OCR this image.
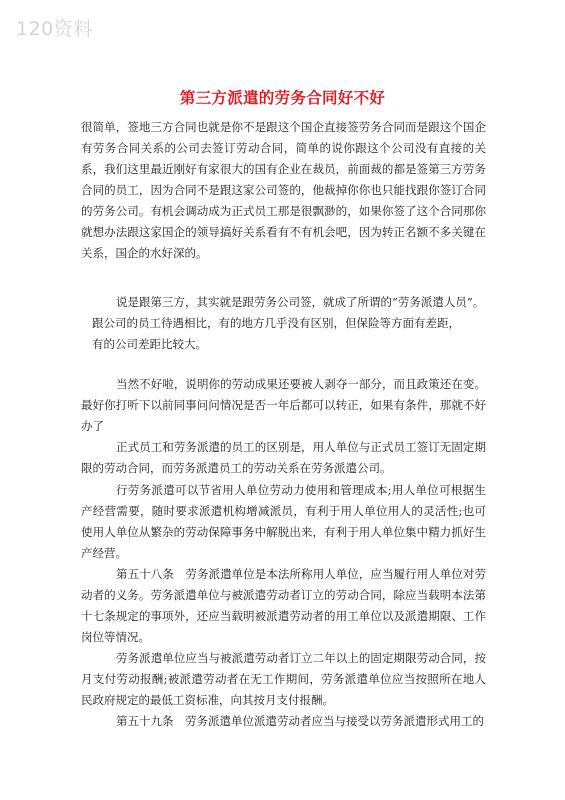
120资料
第三方派遣的劳务合同好不好

很简单，签地三方合同也就是你不是跟这个国企直接签劳务合同而是跟这个国企有劳务合同关系的公司去签订劳动合同，简单的说你跟这个公司没有直接的关系，我们这里最近刚好有家很大的国有企业在裁员，前面裁的都是签第三方劳务合同的员工，因为合同不是跟这家公司签的，他裁掉你你也只能找跟你签订合同的劳务公司。有机会调动成为正式员工那是很飘渺的，如果你签了这个合同那你就想办法跟这家国企的领导搞好关系看有不有机会吧，因为转正名额不多关键在关系，国企的水好深的。

说是跟第三方，其实就是跟劳务公司签，就成了所谓的“劳务派遣人员”。

跟公司的员工待遇相比，有的地方几乎没有区别，但保险等方面有差距，

有的公司差距比较大。

当然不好啦，说明你的劳动成果还要被人剥夺一部分，而且政策还在变。最好你打听下以前同事问问情况是否一年后都可以转正，如果有条件，那就不好办了

正式员工和劳务派遣的员工的区别是，用人单位与正式员工签订无固定期限的劳动合同，而劳务派遣员工的劳动关系在劳务派遣公司。

行劳务派遣可以节省用人单位劳动力使用和管理成本;用人单位可根据生产经营需要，随时要求派遣机构增减派员，有利于用人单位用人的灵活性;也可使用人单位从繁杂的劳动保障事务中解脱出来，有利于用人单位集中精力抓好生产经营。

第五十八条　劳务派遣单位是本法所称用人单位，应当履行用人单位对劳动者的义务。劳务派遣单位与被派遣劳动者订立的劳动合同，除应当载明本法第十七条规定的事项外，还应当载明被派遣劳动者的用工单位以及派遣期限、工作岗位等情况。

劳务派遣单位应当与被派遣劳动者订立二年以上的固定期限劳动合同，按月支付劳动报酬;被派遣劳动者在无工作期间，劳务派遣单位应当按照所在地人民政府规定的最低工资标准，向其按月支付报酬。

第五十九条　劳务派遣单位派遣劳动者应当与接受以劳务派遣形式用工的
